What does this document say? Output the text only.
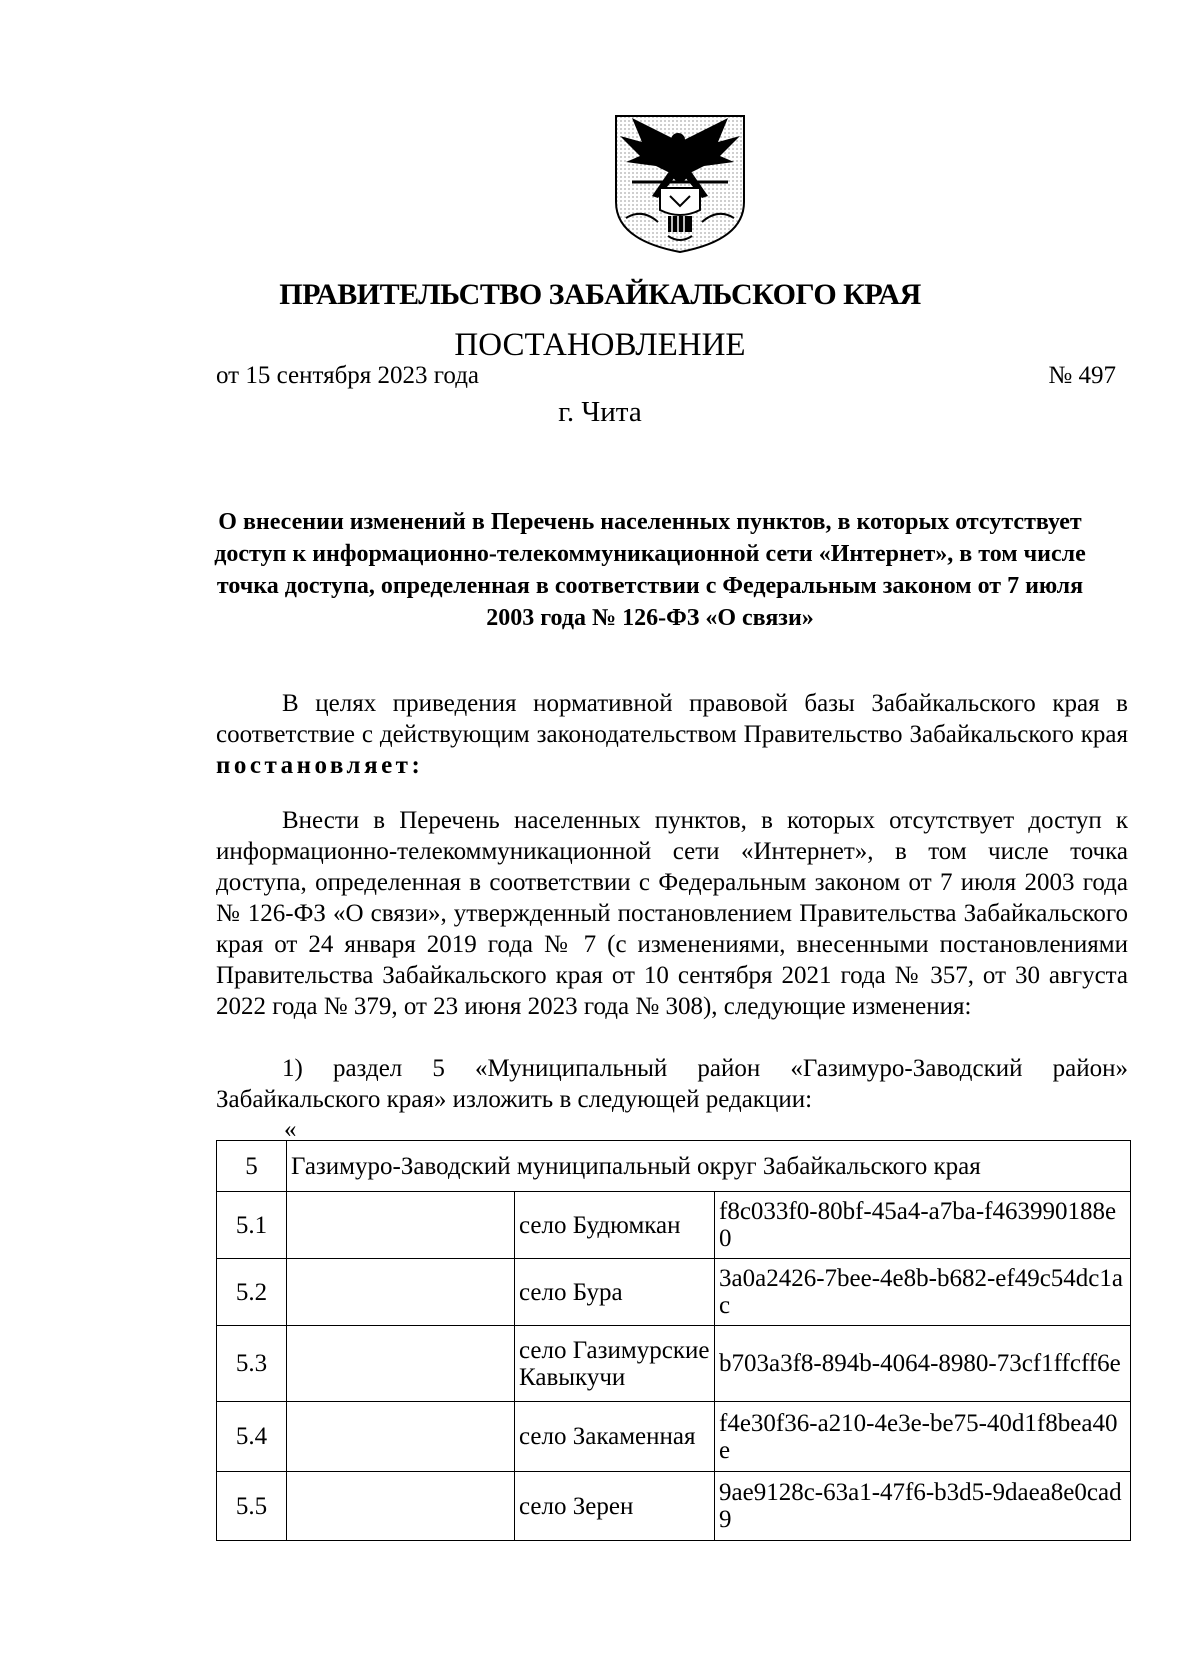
ПРАВИТЕЛЬСТВО ЗАБАЙКАЛЬСКОГО КРАЯ
ПОСТАНОВЛЕНИЕ
от 15 сентября 2023 года	№ 497
г. Чита
О внесении изменений в Перечень населенных пунктов, в которых отсутствует доступ к информационно-телекоммуникационной сети «Интернет», в том числе точка доступа, определенная в соответствии с Федеральным законом от 7 июля 2003 года № 126-ФЗ «О связи»

В целях приведения нормативной правовой базы Забайкальского края в соответствие с действующим законодательством Правительство Забайкальского края постановляет:

Внести в Перечень населенных пунктов, в которых отсутствует доступ к информационно-телекоммуникационной сети «Интернет», в том числе точка доступа, определенная в соответствии с Федеральным законом от 7 июля 2003 года № 126-ФЗ «О связи», утвержденный постановлением Правительства Забайкальского края от 24 января 2019 года № 7 (с изменениями, внесенными постановлениями Правительства Забайкальского края от 10 сентября 2021 года № 357, от 30 августа 2022 года № 379, от 23 июня 2023 года № 308), следующие изменения:

1) раздел 5 «Муниципальный район «Газимуро-Заводский район» Забайкальского края» изложить в следующей редакции:

«
5	Газимуро-Заводский муниципальный округ Забайкальского края		
5.1		село Будюмкан	f8c033f0-80bf-45a4-a7ba-f463990188e0
5.2		село Бура	3a0a2426-7bee-4e8b-b682-ef49c54dc1ac
5.3		село Газимурские Кавыкучи	b703a3f8-894b-4064-8980-73cf1ffcff6e
5.4		село Закаменная	f4e30f36-a210-4e3e-be75-40d1f8bea40e
5.5		село Зерен	9ae9128c-63a1-47f6-b3d5-9daea8e0cad9
